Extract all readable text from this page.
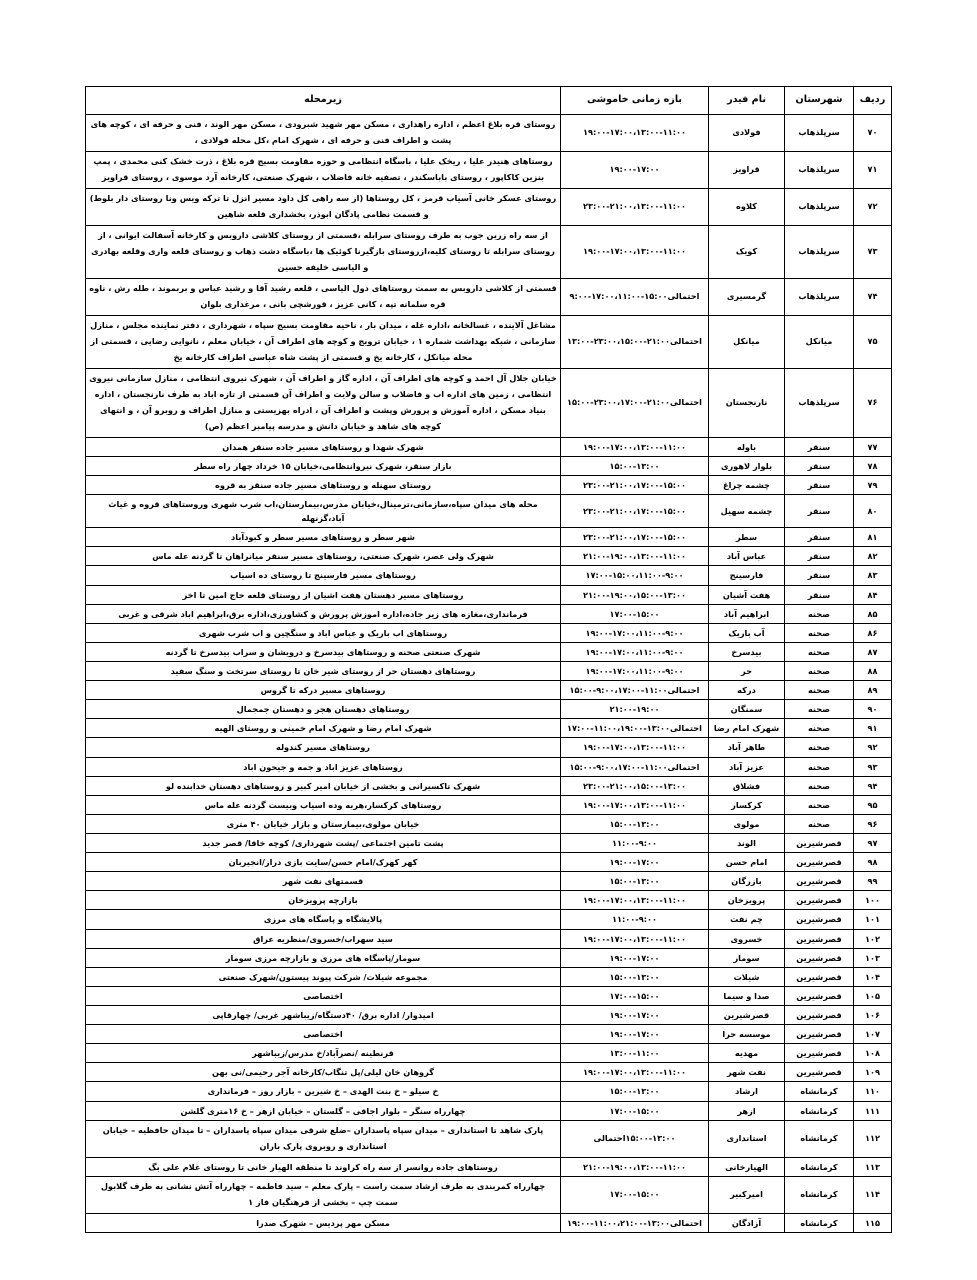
ردیف	شهرستان	نام فیدر	بازه زمانی خاموشی	زیرمحله
۷۰	سرپلذهاب	فولادی	۱۹:۰۰-۱۷:۰۰،۱۳:۰۰-۱۱:۰۰	روستای قره بلاغ اعظم ، اداره راهداری ، مسکن مهر شهید شبرودی ، مسکن مهر الوند ، فنی و حرفه ای ، کوچه های پشت و اطراف فنی و حرفه ای ، شهرک امام ،کل محله فولادی ،
۷۱	سرپلذهاب	قراویز	۱۹:۰۰-۱۷:۰۰	روستاهای هنیدر علیا ، ریخک علیا ، باسگاه انتظامی و حوزه مقاومت بسیج قره بلاغ ، ذرت خشک کنی محمدی ، پمپ بنزین کاکاپور ، روستای باباسکندر ، تصفیه خانه فاضلاب ، شهرک صنعتی، کارخانه آرد موسوی ، روستای قراویز
۷۲	سرپلذهاب	کلاوه	۲۳:۰۰-۲۱:۰۰،۱۳:۰۰-۱۱:۰۰	روستای عسکر خانی آسیاب قرمز ، کل روستاها (از سه راهی کل داود مسیر انزل تا ترکه ویس ونا روستای دار بلوط) و قسمت نظامی پادگان ابوذر، بخشداری قلعه شاهین
۷۳	سرپلذهاب	کویک	۱۹:۰۰-۱۷:۰۰،۱۳:۰۰-۱۱:۰۰	از سه راه زرین جوب به طرف روستای سرابله ،قسمتی از روستای کلاشی داروبس و کارخانه آسفالت ایوانی ، از روستای سرابله تا روستای کلیه،ازروستای بازگیرنا کوئیک ها ،باسگاه دشت ذهاب و روستای قلعه واری وقلعه بهادری و الیاسی خلیفه حسین
۷۴	سرپلذهاب	گرمسیری	احتمالی۱۵:۰۰-۱۷:۰۰،۱۱:۰۰-۹:۰۰	قسمتی از کلاشی داروبس به سمت روستاهای دول الیاسی ، قلعه رشید آقا و رشید عباس و بربموند ، طله رش ، ناوه قره سلمانه تپه ، کانی عزیز ، قورشچی بانی ، مرغداری بلوان
۷۵	میانکل	میانکل	احتمالی۲۱:۰۰-۲۳:۰۰،۱۵:۰۰-۱۳:۰۰	مشاغل آلاینده ، غسالخانه ،اداره غله ، میدان بار ، ناحیه مقاومت بسیج سپاه ، شهرداری ، دفتر نماینده مجلس ، منازل سازمانی ، شبکه بهداشت شماره ۱ ، خیابان ترویج و کوچه های اطراف آن ، خیابان معلم ، نانوایی رضایی ، قسمتی از محله میانکل ، کارخانه یخ و قسمتی از پشت شاه عباسی اطراف کارخانه یخ
۷۶	سرپلذهاب	نارنجستان	احتمالی۲۱:۰۰-۲۳:۰۰،۱۷:۰۰-۱۵:۰۰	خیابان جلال آل احمد و کوچه های اطراف آن ، اداره گاز و اطراف آن ، شهرک نیروی انتظامی ، منازل سازمانی نیروی انتظامی ، زمین های اداره اب و فاضلاب و سالن ولایت و اطراف آن قسمتی از تازه اباد به طرف نارنجستان ، اداره بنیاد مسکن ، اداره آموزش و پرورش وپشت و اطراف آن ، ادراه بهزیستی و منازل اطراف و روبرو آن ، و انتهای کوچه های شاهد و خیابان دانش و مدرسه پیامبر اعظم (ص)
۷۷	سنقر	باوله	۱۹:۰۰-۱۷:۰۰،۱۳:۰۰-۱۱:۰۰	شهرک شهدا و روستاهای مسیر جاده سنقر همدان
۷۸	سنقر	بلوار لاهوری	۱۵:۰۰-۱۳:۰۰	بازار سنقر، شهرک نیروانتظامی،خیابان ۱۵ خرداد چهار راه سطر
۷۹	سنقر	چشمه چراغ	۲۳:۰۰-۲۱:۰۰،۱۷:۰۰-۱۵:۰۰	روستای سهنله و روستاهای مسیر جاده سنقر به قروه
۸۰	سنقر	چشمه سهیل	۲۳:۰۰-۲۱:۰۰،۱۷:۰۰-۱۵:۰۰	محله های میدان سپاه،سازمانی،ترمینال،خیابان مدرس،بیمارستان،اب شرب شهری وروستاهای قروه و غیاث آباد،گزنهله
۸۱	سنقر	سطر	۲۳:۰۰-۲۱:۰۰،۱۷:۰۰-۱۵:۰۰	شهر سطر و روستاهای مسیر سطر و کبودآباد
۸۲	سنقر	عباس آباد	۲۱:۰۰-۱۹:۰۰،۱۳:۰۰-۱۱:۰۰	شهرک ولی عصر، شهرک صنعتی، روستاهای مسیر سنقر میانراهان تا گردنه عله ماس
۸۳	سنقر	فارسینج	۱۷:۰۰-۱۵:۰۰،۱۱:۰۰-۹:۰۰	روستاهای مسیر فارسینج تا روستای ده اسیاب
۸۴	سنقر	هفت آشیان	۲۱:۰۰-۱۹:۰۰،۱۵:۰۰-۱۳:۰۰	روستاهای مسیر دهستان هفت اشیان از روستای قلعه حاج امین تا اخر
۸۵	صحنه	ابراهیم آباد	۱۷:۰۰-۱۵:۰۰	فرمانداری،مغازه های زیر جاده،اداره اموزش پرورش و کشاورزی،اداره برق،ابراهیم اباد شرقی و غربی
۸۶	صحنه	آب باریک	۱۹:۰۰-۱۷:۰۰،۱۱:۰۰-۹:۰۰	روستاهای اب باریک و عباس اباد و سنگچین و اب شرب شهری
۸۷	صحنه	بیدسرخ	۱۹:۰۰-۱۷:۰۰،۱۱:۰۰-۹:۰۰	شهرک صنعتی صحنه و روستاهای بیدسرخ و درویشان و سراب بیدسرخ تا گردنه
۸۸	صحنه	حر	۱۹:۰۰-۱۷:۰۰،۱۱:۰۰-۹:۰۰	روستاهای دهستان حر از روستای شیر خان تا روستای سرتخت و سنگ سفید
۸۹	صحنه	درکه	احتمالی۱۱:۰۰-۹:۰۰،۱۷:۰۰-۱۵:۰۰	روستاهای مسیر درکه تا گروس
۹۰	صحنه	سمنگان	۲۱:۰۰-۱۹:۰۰	روستاهای دهستان هجر و دهستان جمجمال
۹۱	صحنه	شهرک امام رضا	احتمالی۱۳:۰۰-۱۱:۰۰،۱۹:۰۰-۱۷:۰۰	شهرک امام رضا و شهرک امام خمینی و روستای الهیه
۹۲	صحنه	طاهر آباد	۱۹:۰۰-۱۷:۰۰،۱۳:۰۰-۱۱:۰۰	روستاهای مسیر کندوله
۹۳	صحنه	عزیز آباد	احتمالی۱۱:۰۰-۹:۰۰،۱۷:۰۰-۱۵:۰۰	روستاهای عزیز اباد و جمه و جیحون اباد
۹۴	صحنه	فشلاق	۲۳:۰۰-۲۱:۰۰،۱۵:۰۰-۱۳:۰۰	شهرک تاکسیرانی و بخشی از خیابان امیر کبیر و روستاهای دهستان خدابنده لو
۹۵	صحنه	کرکسار	۱۹:۰۰-۱۷:۰۰،۱۳:۰۰-۱۱:۰۰	روستاهای کرکسار،هربه وده اسیاب وبیست گردنه عله ماس
۹۶	صحنه	مولوی	۱۵:۰۰-۱۳:۰۰	خیابان مولوی،بیمارستان و بازار خیابان ۴۰ متری
۹۷	قصرشیرین	الوند	۱۱:۰۰-۹:۰۰	پشت تامین اجتماعی /پشت شهرداری/ کوچه خاقا/ قصر جدید
۹۸	قصرشیرین	امام حسن	۱۹:۰۰-۱۷:۰۰	کهر کهرک/امام حسن/سایت بازی دراز/انجیربان
۹۹	قصرشیرین	بازرگان	۱۵:۰۰-۱۳:۰۰	قسمتهای نفت شهر
۱۰۰	قصرشیرین	پرویزخان	۱۹:۰۰-۱۷:۰۰،۱۳:۰۰-۱۱:۰۰	بازارچه پرویزخان
۱۰۱	قصرشیرین	چم نفت	۱۱:۰۰-۹:۰۰	پالایشگاه و پاسگاه های مرزی
۱۰۲	قصرشیرین	خسروی	۱۹:۰۰-۱۷:۰۰،۱۳:۰۰-۱۱:۰۰	سید سهراب/خسروی/منظریه عراق
۱۰۳	قصرشیرین	سومار	۱۹:۰۰-۱۷:۰۰	سومار/پاسگاه های مرزی و بازارچه مرزی سومار
۱۰۴	قصرشیرین	شیلات	۱۵:۰۰-۱۳:۰۰	مجموعه شیلات/ شرکت پیوند پیستون/شهرک صنعتی
۱۰۵	قصرشیرین	صدا و سیما	۱۷:۰۰-۱۵:۰۰	اختصاصی
۱۰۶	قصرشیرین	قصرشیرین	۱۹:۰۰-۱۷:۰۰	امیدوار/ اداره برق/ ۴۰دستگاه/زیباشهر غربی/ چهارقاپی
۱۰۷	قصرشیرین	موسسه حرا	۱۹:۰۰-۱۷:۰۰	اختصاصی
۱۰۸	قصرشیرین	مهدیه	۱۳:۰۰-۱۱:۰۰	قرنطینه /نصرآباد/خ مدرس/زیباشهر
۱۰۹	قصرشیرین	نفت شهر	۱۹:۰۰-۱۷:۰۰،۱۳:۰۰-۱۱:۰۰	گروهان خان لیلی/پل تنگاب/کارخانه آجر رحیمی/نی بهن
۱۱۰	کرمانشاه	ارشاد	۱۵:۰۰-۱۳:۰۰	خ سیلو – خ بنت الهدی – خ شیرین – بازار روز – فرمانداری
۱۱۱	کرمانشاه	ازهر	۱۷:۰۰-۱۵:۰۰	چهارراه سنگر – بلوار اجاقی – گلستان – خیابان ازهر – خ ۱۶متری گلشن
۱۱۲	کرمانشاه	استانداری	۱۵:۰۰-۱۳:۰۰احتمالی	پارک شاهد تا استانداری – میدان سپاه پاسداران –ضلع شرقی میدان سپاه پاسداران – تا میدان حافظیه – خیابان استانداری و روبروی پارک باران
۱۱۳	کرمانشاه	الهیارخانی	۲۱:۰۰-۱۹:۰۰،۱۳:۰۰-۱۱:۰۰	روستاهای جاده روانسر از سه راه کراوند تا منطقه الهیار خانی تا روستای غلام علی بگ
۱۱۴	کرمانشاه	امیرکبیر	۱۷:۰۰-۱۵:۰۰	چهارراه کمربندی به طرف ارشاد سمت راست – پارک معلم – سید فاطمه – چهارراه آتش نشانی به طرف گلابول سمت چپ – بخشی از فرهنگیان فاز ۱
۱۱۵	کرمانشاه	آزادگان	احتمالی۱۳:۰۰-۱۱:۰۰،۲۱:۰۰-۱۹:۰۰	مسکن مهر پردیس – شهرک صدرا
